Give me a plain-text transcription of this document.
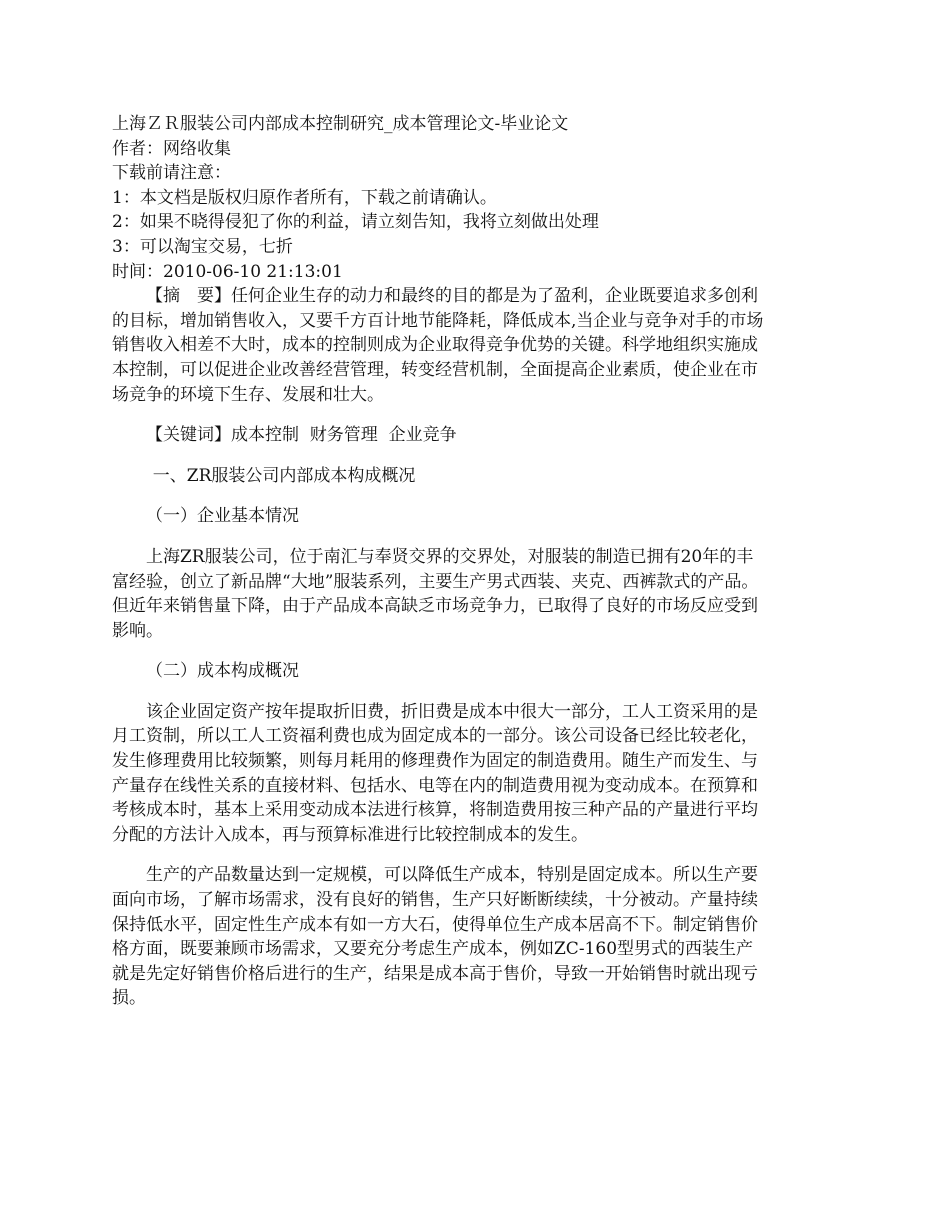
上海ＺＲ服装公司内部成本控制研究_成本管理论文-毕业论文

作者：网络收集

下载前请注意：

1：本文档是版权归原作者所有，下载之前请确认。

2：如果不晓得侵犯了你的利益，请立刻告知，我将立刻做出处理

3：可以淘宝交易，七折

时间：2010-06-10 21:13:01

【摘　要】任何企业生存的动力和最终的目的都是为了盈利，企业既要追求多创利的目标，增加销售收入，又要千方百计地节能降耗，降低成本,当企业与竞争对手的市场销售收入相差不大时，成本的控制则成为企业取得竞争优势的关键。科学地组织实施成本控制，可以促进企业改善经营管理，转变经营机制，全面提高企业素质，使企业在市场竞争的环境下生存、发展和壮大。

【关键词】成本控制  财务管理  企业竞争

一、ZR服装公司内部成本构成概况

（一）企业基本情况

上海ZR服装公司，位于南汇与奉贤交界的交界处，对服装的制造已拥有20年的丰富经验，创立了新品牌“大地”服装系列，主要生产男式西装、夹克、西裤款式的产品。但近年来销售量下降，由于产品成本高缺乏市场竞争力，已取得了良好的市场反应受到影响。

（二）成本构成概况

该企业固定资产按年提取折旧费，折旧费是成本中很大一部分，工人工资采用的是月工资制，所以工人工资福利费也成为固定成本的一部分。该公司设备已经比较老化，发生修理费用比较频繁，则每月耗用的修理费作为固定的制造费用。随生产而发生、与产量存在线性关系的直接材料、包括水、电等在内的制造费用视为变动成本。在预算和考核成本时，基本上采用变动成本法进行核算，将制造费用按三种产品的产量进行平均分配的方法计入成本，再与预算标准进行比较控制成本的发生。

生产的产品数量达到一定规模，可以降低生产成本，特别是固定成本。所以生产要面向市场，了解市场需求，没有良好的销售，生产只好断断续续，十分被动。产量持续保持低水平，固定性生产成本有如一方大石，使得单位生产成本居高不下。制定销售价格方面，既要兼顾市场需求，又要充分考虑生产成本，例如ZC-160型男式的西装生产就是先定好销售价格后进行的生产，结果是成本高于售价，导致一开始销售时就出现亏损。
